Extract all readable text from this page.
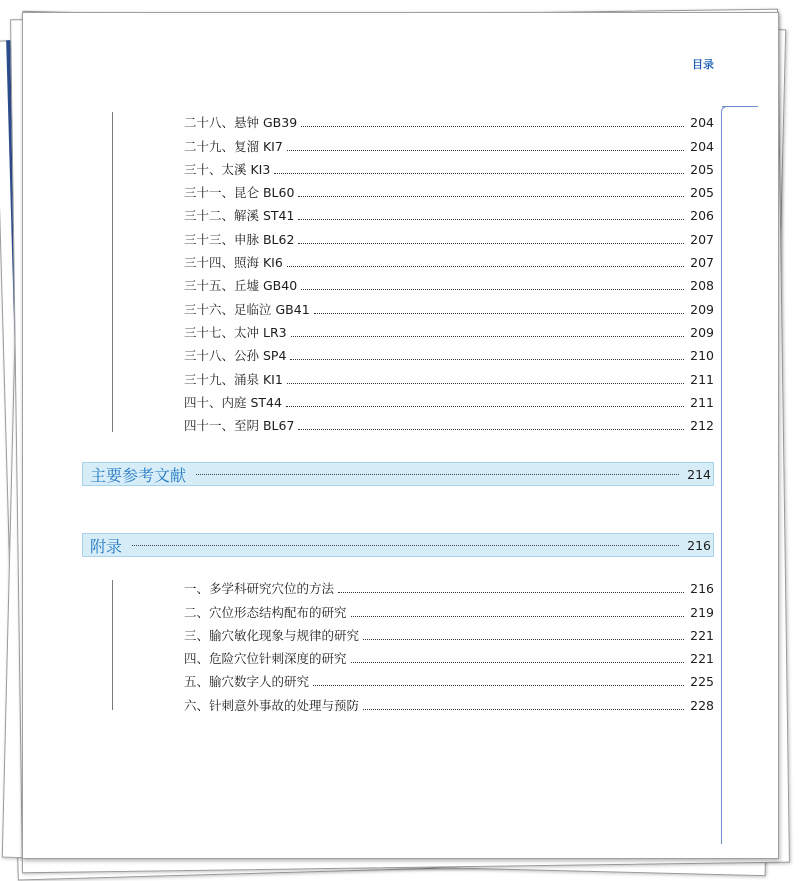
目录
二十八、悬钟 GB39	204
二十九、复溜 KI7	204
三十、太溪 KI3	205
三十一、昆仑 BL60	205
三十二、解溪 ST41	206
三十三、申脉 BL62	207
三十四、照海 KI6	207
三十五、丘墟 GB40	208
三十六、足临泣 GB41	209
三十七、太冲 LR3	209
三十八、公孙 SP4	210
三十九、涌泉 KI1	211
四十、内庭 ST44	211
四十一、至阴 BL67	212
主要参考文献	214
附录	216
一、多学科研究穴位的方法	216
二、穴位形态结构配布的研究	219
三、腧穴敏化现象与规律的研究	221
四、危险穴位针刺深度的研究	221
五、腧穴数字人的研究	225
六、针刺意外事故的处理与预防	228
